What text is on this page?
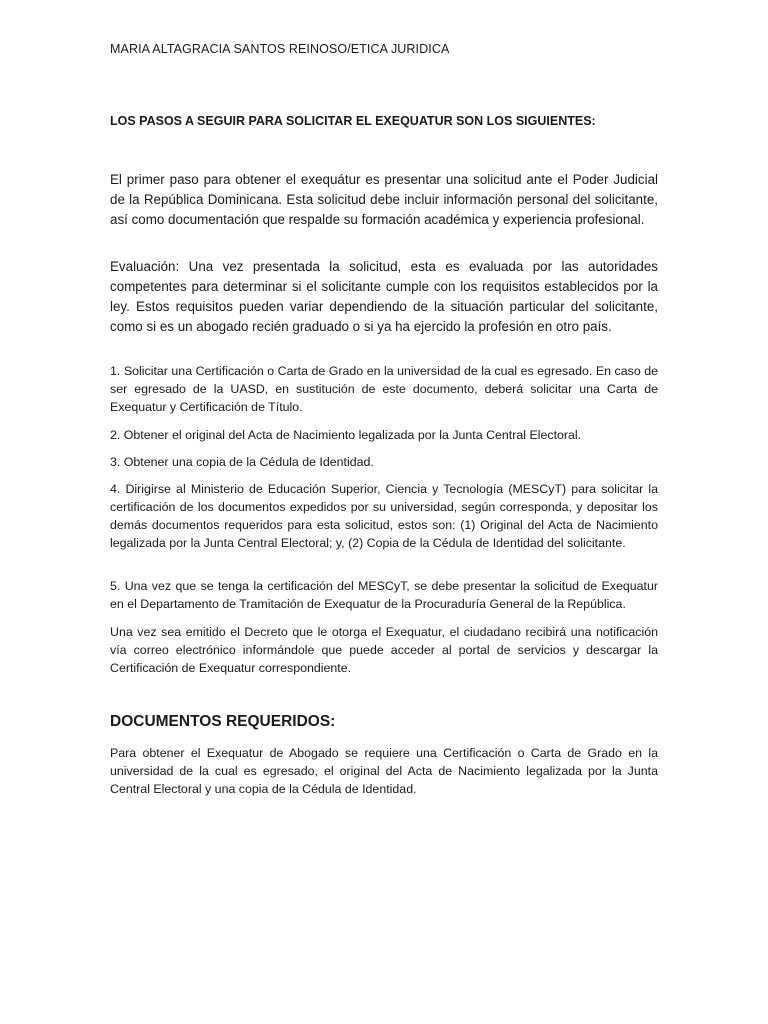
MARIA ALTAGRACIA SANTOS REINOSO/ETICA JURIDICA
LOS PASOS A SEGUIR PARA SOLICITAR EL EXEQUATUR SON LOS SIGUIENTES:

El primer paso para obtener el exequátur es presentar una solicitud ante el Poder Judicial de la República Dominicana. Esta solicitud debe incluir información personal del solicitante, así como documentación que respalde su formación académica y experiencia profesional.

Evaluación: Una vez presentada la solicitud, esta es evaluada por las autoridades competentes para determinar si el solicitante cumple con los requisitos establecidos por la ley. Estos requisitos pueden variar dependiendo de la situación particular del solicitante, como si es un abogado recién graduado o si ya ha ejercido la profesión en otro país.

1. Solicitar una Certificación o Carta de Grado en la universidad de la cual es egresado. En caso de ser egresado de la UASD, en sustitución de este documento, deberá solicitar una Carta de Exequatur y Certificación de Título.

2. Obtener el original del Acta de Nacimiento legalizada por la Junta Central Electoral.

3. Obtener una copia de la Cédula de Identidad.

4. Dirigirse al Ministerio de Educación Superior, Ciencia y Tecnología (MESCyT) para solicitar la certificación de los documentos expedidos por su universidad, según corresponda, y depositar los demás documentos requeridos para esta solicitud, estos son: (1) Original del Acta de Nacimiento legalizada por la Junta Central Electoral; y, (2) Copia de la Cédula de Identidad del solicitante.

5. Una vez que se tenga la certificación del MESCyT, se debe presentar la solicitud de Exequatur en el Departamento de Tramitación de Exequatur de la Procuraduría General de la República.

Una vez sea emitido el Decreto que le otorga el Exequatur, el ciudadano recibirá una notificación vía correo electrónico informándole que puede acceder al portal de servicios y descargar la Certificación de Exequatur correspondiente.

DOCUMENTOS REQUERIDOS:

Para obtener el Exequatur de Abogado se requiere una Certificación o Carta de Grado en la universidad de la cual es egresado, el original del Acta de Nacimiento legalizada por la Junta Central Electoral y una copia de la Cédula de Identidad.
